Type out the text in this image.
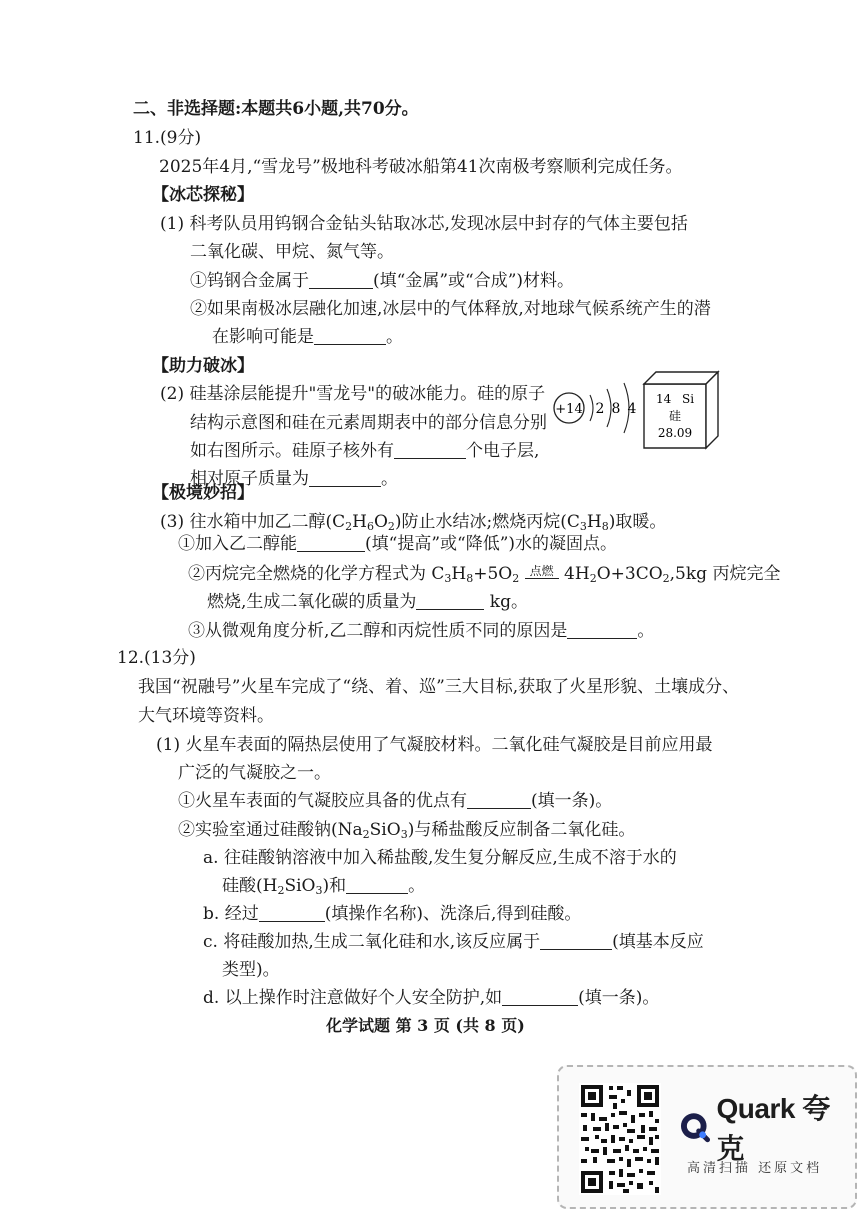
二、非选择题:本题共6小题,共70分。
11.(9分)
2025年4月,“雪龙号”极地科考破冰船第41次南极考察顺利完成任务。
【冰芯探秘】
(1) 科考队员用钨钢合金钻头钻取冰芯,发现冰层中封存的气体主要包括
二氧化碳、甲烷、氮气等。
①钨钢合金属于	(填“金属”或“合成”)材料。
②如果南极冰层融化加速,冰层中的气体释放,对地球气候系统产生的潜
在影响可能是	。
【助力破冰】
(2) 硅基涂层能提升"雪龙号"的破冰能力。硅的原子
结构示意图和硅在元素周期表中的部分信息分别
如右图所示。硅原子核外有	个电子层,
相对原子质量为	。
+14 2 8 4
14 Si
硅
28.09
【极境妙招】
(3) 往水箱中加乙二醇$(C_2H_6O_2)$防止水结冰;燃烧丙烷$(C_3H_8)$取暖。
①加入乙二醇能	(填“提高”或“降低”)水的凝固点。
②丙烷完全燃烧的化学方程式为 $C_3H_8+5O_2$ 点燃 $4H_2O+3CO_2,5kg$ 丙烷完全
燃烧,生成二氧化碳的质量为	kg。
③从微观角度分析,乙二醇和丙烷性质不同的原因是	。
12.(13分)
我国“祝融号”火星车完成了“绕、着、巡”三大目标,获取了火星形貌、土壤成分、
大气环境等资料。
(1) 火星车表面的隔热层使用了气凝胶材料。二氧化硅气凝胶是目前应用最
广泛的气凝胶之一。
①火星车表面的气凝胶应具备的优点有	(填一条)。
②实验室通过硅酸钠$(Na_2SiO_3)$与稀盐酸反应制备二氧化硅。
a. 往硅酸钠溶液中加入稀盐酸,发生复分解反应,生成不溶于水的
硅酸$(H_2SiO_3)$和	。
b. 经过	(填操作名称)、洗涤后,得到硅酸。
c. 将硅酸加热,生成二氧化硅和水,该反应属于	(填基本反应
类型)。
d. 以上操作时注意做好个人安全防护,如	(填一条)。
化学试题 第 3 页 (共 8 页)
Quark 夸克
高清扫描 还原文档
